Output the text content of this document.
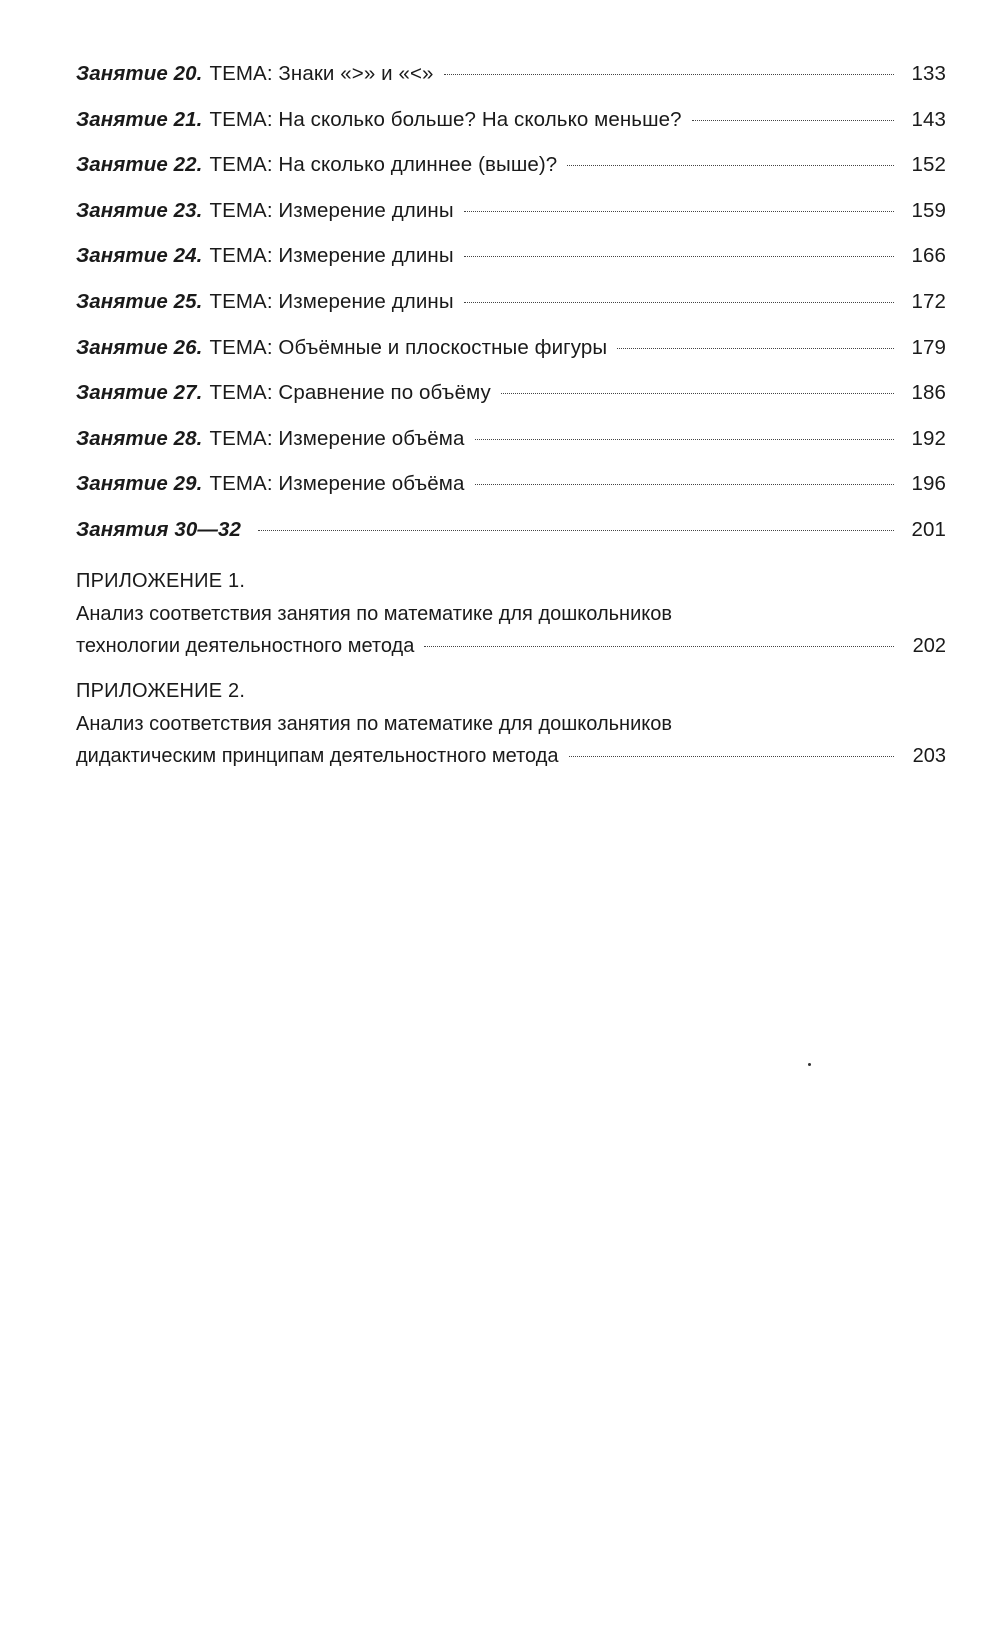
Занятие 20. ТЕМА: Знаки «>» и «<»	133
Занятие 21. ТЕМА: На сколько больше? На сколько меньше?	143
Занятие 22. ТЕМА: На сколько длиннее (выше)?	152
Занятие 23. ТЕМА: Измерение длины	159
Занятие 24. ТЕМА: Измерение длины	166
Занятие 25. ТЕМА: Измерение длины	172
Занятие 26. ТЕМА: Объёмные и плоскостные фигуры	179
Занятие 27. ТЕМА: Сравнение по объёму	186
Занятие 28. ТЕМА: Измерение объёма	192
Занятие 29. ТЕМА: Измерение объёма	196
Занятия 30—32	201
ПРИЛОЖЕНИЕ 1.
Анализ соответствия занятия по математике для дошкольников
технологии деятельностного метода	202
ПРИЛОЖЕНИЕ 2.
Анализ соответствия занятия по математике для дошкольников
дидактическим принципам деятельностного метода	203
